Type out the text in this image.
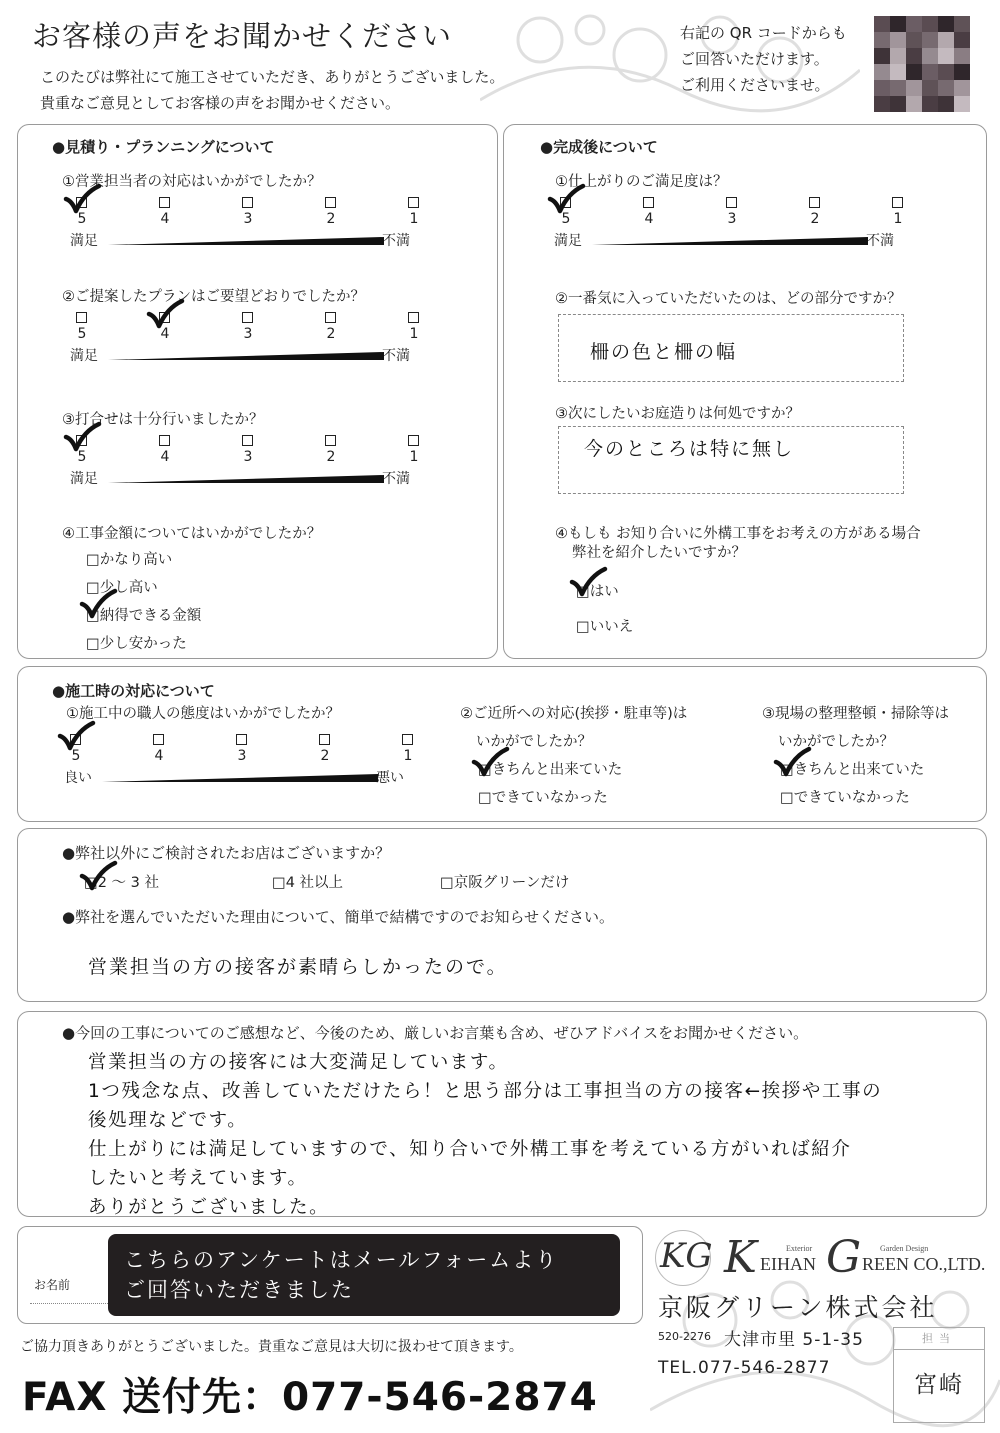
お客様の声をお聞かせください
このたびは弊社にて施工させていただき、ありがとうございました。
貴重なご意見としてお客様の声をお聞かせください。
右記の QR コードからも
ご回答いただけます。
ご利用くださいませ。
●見積り・プランニングについて
①営業担当者の対応はいかがでしたか？
②ご提案したプランはご要望どおりでしたか？
③打合せは十分行いましたか？
④工事金額についてはいかがでしたか？
5	4	3	2	1
満足	不満
5	4	3	2	1
満足	不満
5	4	3	2	1
満足	不満
□かなり高い
□少し高い
□納得できる金額
□少し安かった
●完成後について
①仕上がりのご満足度は？
5	4	3	2	1
満足	不満
②一番気に入っていただいたのは、どの部分ですか？
柵の色と柵の幅
③次にしたいお庭造りは何処ですか？
今のところは特に無し
④もしも お知り合いに外構工事をお考えの方がある場合
弊社を紹介したいですか？
□はい
□いいえ
●施工時の対応について
①施工中の職人の態度はいかがでしたか？
5	4	3	2	1
良い	悪い
②ご近所への対応(挨拶・駐車等)は
いかがでしたか？
□きちんと出来ていた
□できていなかった
③現場の整理整頓・掃除等は
いかがでしたか？
□きちんと出来ていた
□できていなかった
●弊社以外にご検討されたお店はございますか？
□2 ～ 3 社	□4 社以上	□京阪グリーンだけ
●弊社を選んでいただいた理由について、簡単で結構ですのでお知らせください。
営業担当の方の接客が素晴らしかったので。
●今回の工事についてのご感想など、今後のため、厳しいお言葉も含め、ぜひアドバイスをお聞かせください。
営業担当の方の接客には大変満足しています。
1つ残念な点、改善していただけたら！と思う部分は工事担当の方の接客←挨拶や工事の
後処理などです。
仕上がりには満足していますので、知り合いで外構工事を考えている方がいれば紹介
したいと考えています。
ありがとうございました。
お名前
こちらのアンケートはメールフォームより
ご回答いただきました
ご協力頂きありがとうございました。貴重なご意見は大切に扱わせて頂きます。
FAX 送付先：077-546-2874
KG K EIHAN
Exterior G REEN CO.,LTD.
Garden Design
京阪グリーン株式会社
520-2276 大津市里 5-1-35
TEL.077-546-2877
担当
宮崎
